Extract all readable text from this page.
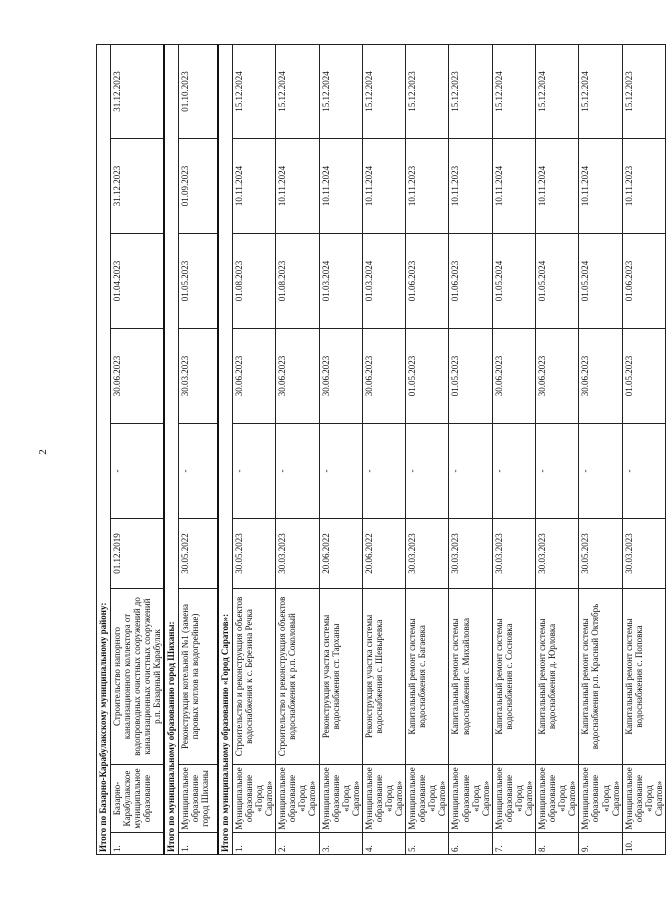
2
Итого по Базарно-Карабулакскому муниципальному району:								
1.	Базарно-Карабулакское муниципальное образование	Строительство напорного канализационного коллектора от водопроводных очистных сооружений до канализационных очистных сооружений р.п. Базарный Карабулак	01.12.2019	-	30.06.2023	01.04.2023	31.12.2023	31.12.2023
Итого по муниципальному образованию город Шиханы:								
1.	Муниципальное образование город Шиханы	Реконструкция котельной №1 (замена паровых котлов на водогрейные)	30.05.2022	-	30.03.2023	01.05.2023	01.09.2023	01.10.2023
Итого по муниципальному образованию «Город Саратов»:								
1.	Муниципальное образование «Город Саратов»	Строительство и реконструкция объектов водоснабжения к с. Березина Речка	30.05.2023	-	30.06.2023	01.08.2023	10.11.2024	15.12.2024
2.	Муниципальное образование «Город Саратов»	Строительство и реконструкция объектов водоснабжения к р.п. Соколовый	30.03.2023	-	30.06.2023	01.08.2023	10.11.2024	15.12.2024
3.	Муниципальное образование «Город Саратов»	Реконструкция участка системы водоснабжения ст. Тарханы	20.06.2022	-	30.06.2023	01.03.2024	10.11.2024	15.12.2024
4.	Муниципальное образование «Город Саратов»	Реконструкция участка системы водоснабжения с. Шевыревка	20.06.2022	-	30.06.2023	01.03.2024	10.11.2024	15.12.2024
5.	Муниципальное образование «Город Саратов»	Капитальный ремонт системы водоснабжения с. Багаевка	30.03.2023	-	01.05.2023	01.06.2023	10.11.2023	15.12.2023
6.	Муниципальное образование «Город Саратов»	Капитальный ремонт системы водоснабжения с. Михайловка	30.03.2023	-	01.05.2023	01.06.2023	10.11.2023	15.12.2023
7.	Муниципальное образование «Город Саратов»	Капитальный ремонт системы водоснабжения с. Сосновка	30.03.2023	-	30.06.2023	01.05.2024	10.11.2024	15.12.2024
8.	Муниципальное образование «Город Саратов»	Капитальный ремонт системы водоснабжения д. Юрловка	30.03.2023	-	30.06.2023	01.05.2024	10.11.2024	15.12.2024
9.	Муниципальное образование «Город Саратов»	Капитальный ремонт системы водоснабжения р.п. Красный Октябрь	30.05.2023	-	30.06.2023	01.05.2024	10.11.2024	15.12.2024
10.	Муниципальное образование «Город Саратов»	Капитальный ремонт системы водоснабжения с. Поповка	30.03.2023	-	01.05.2023	01.06.2023	10.11.2023	15.12.2023
